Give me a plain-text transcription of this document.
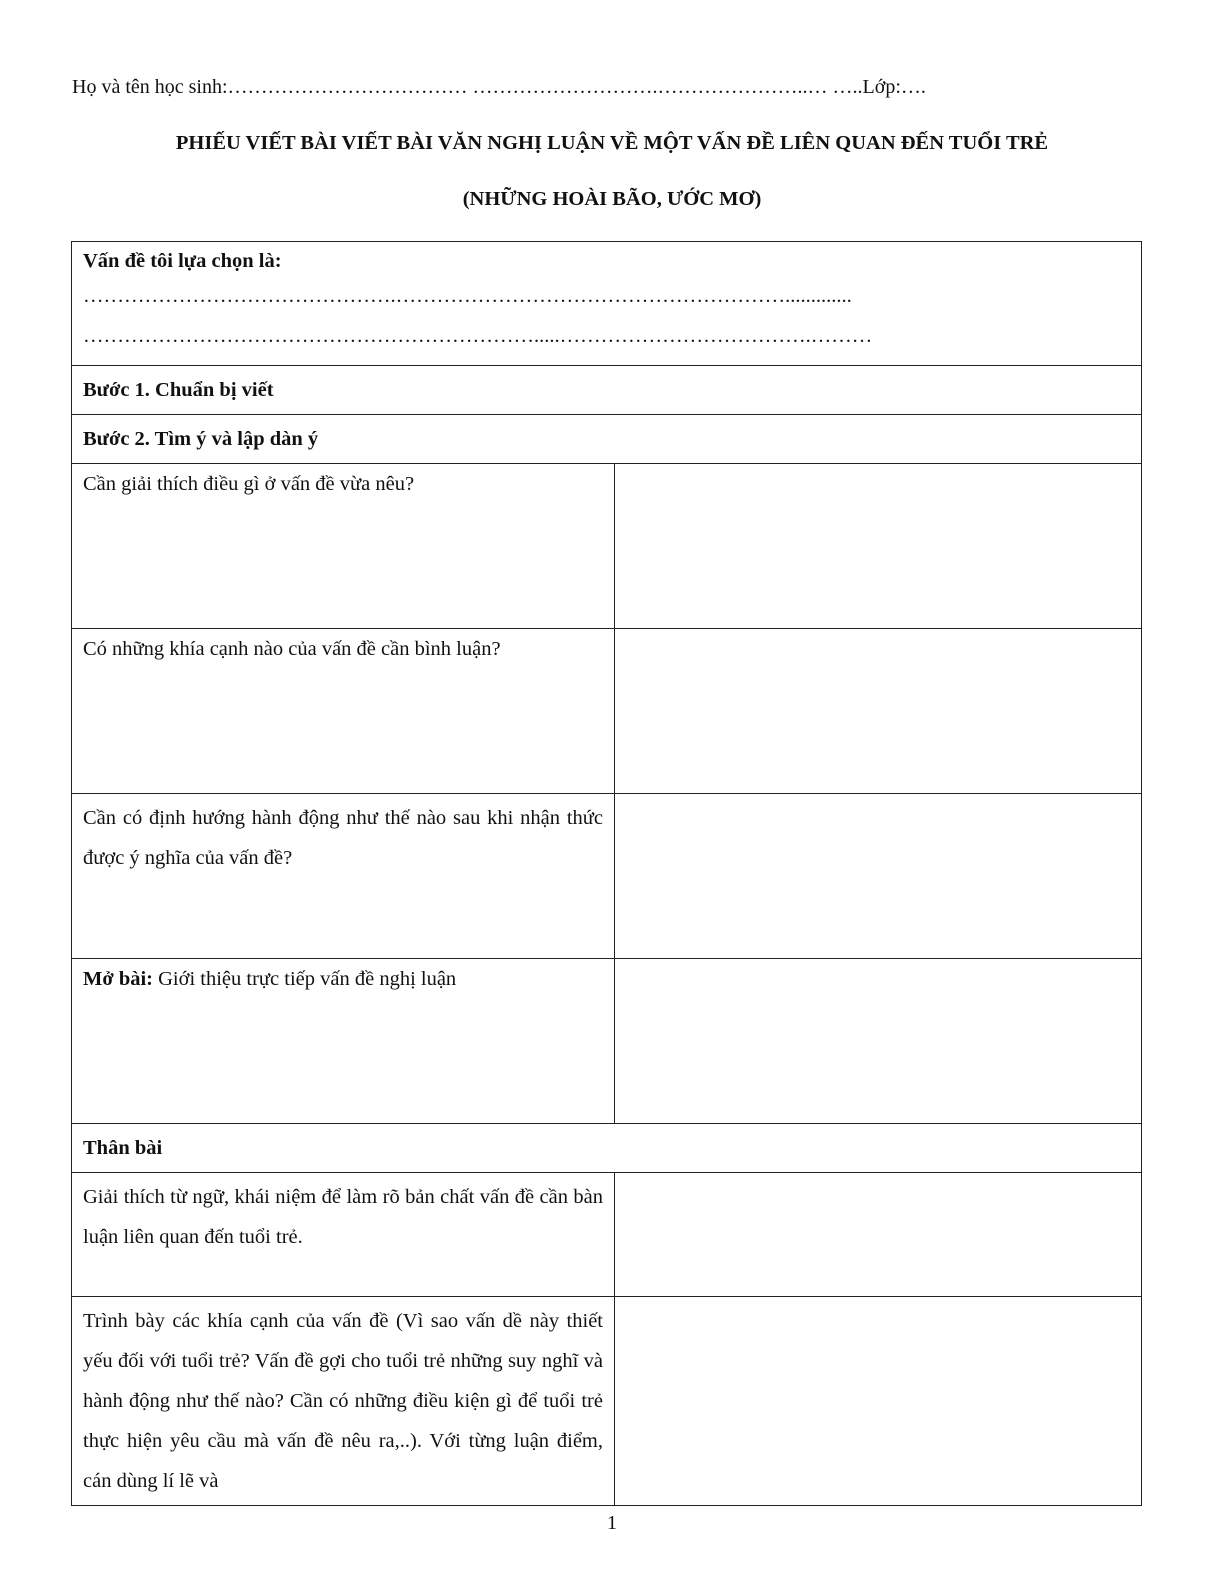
Họ và tên học sinh:……………………………… ……………………….…………………..… …..Lớp:….
PHIẾU VIẾT BÀI VIẾT BÀI VĂN NGHỊ LUẬN VỀ MỘT VẤN ĐỀ LIÊN QUAN ĐẾN TUỔI TRẺ
(NHỮNG HOÀI BÃO, ƯỚC MƠ)
Vấn đề tôi lựa chọn là:
……………………………………….………………………………………………….............
………………………………………………………….....……………………………….………	

Bước 1. Chuẩn bị viết	
Bước 2. Tìm ý và lập dàn ý	
Cần giải thích điều gì ở vấn đề vừa nêu?	
Có những khía cạnh nào của vấn đề cần bình luận?	
Cần có định hướng hành động như thế nào sau khi nhận thức được ý nghĩa của vấn đề?	
Mở bài: Giới thiệu trực tiếp vấn đề nghị luận	
Thân bài	
Giải thích từ ngữ, khái niệm để làm rõ bản chất vấn đề cần bàn luận liên quan đến tuổi trẻ.	
Trình bày các khía cạnh của vấn đề (Vì sao vấn dề này thiết yếu đối với tuổi trẻ? Vấn đề gợi cho tuổi trẻ những suy nghĩ và hành động như thế nào? Cần có những điều kiện gì để tuổi trẻ thực hiện yêu cầu mà vấn đề nêu ra,..). Với từng luận điểm, cán dùng lí lẽ và	
1
